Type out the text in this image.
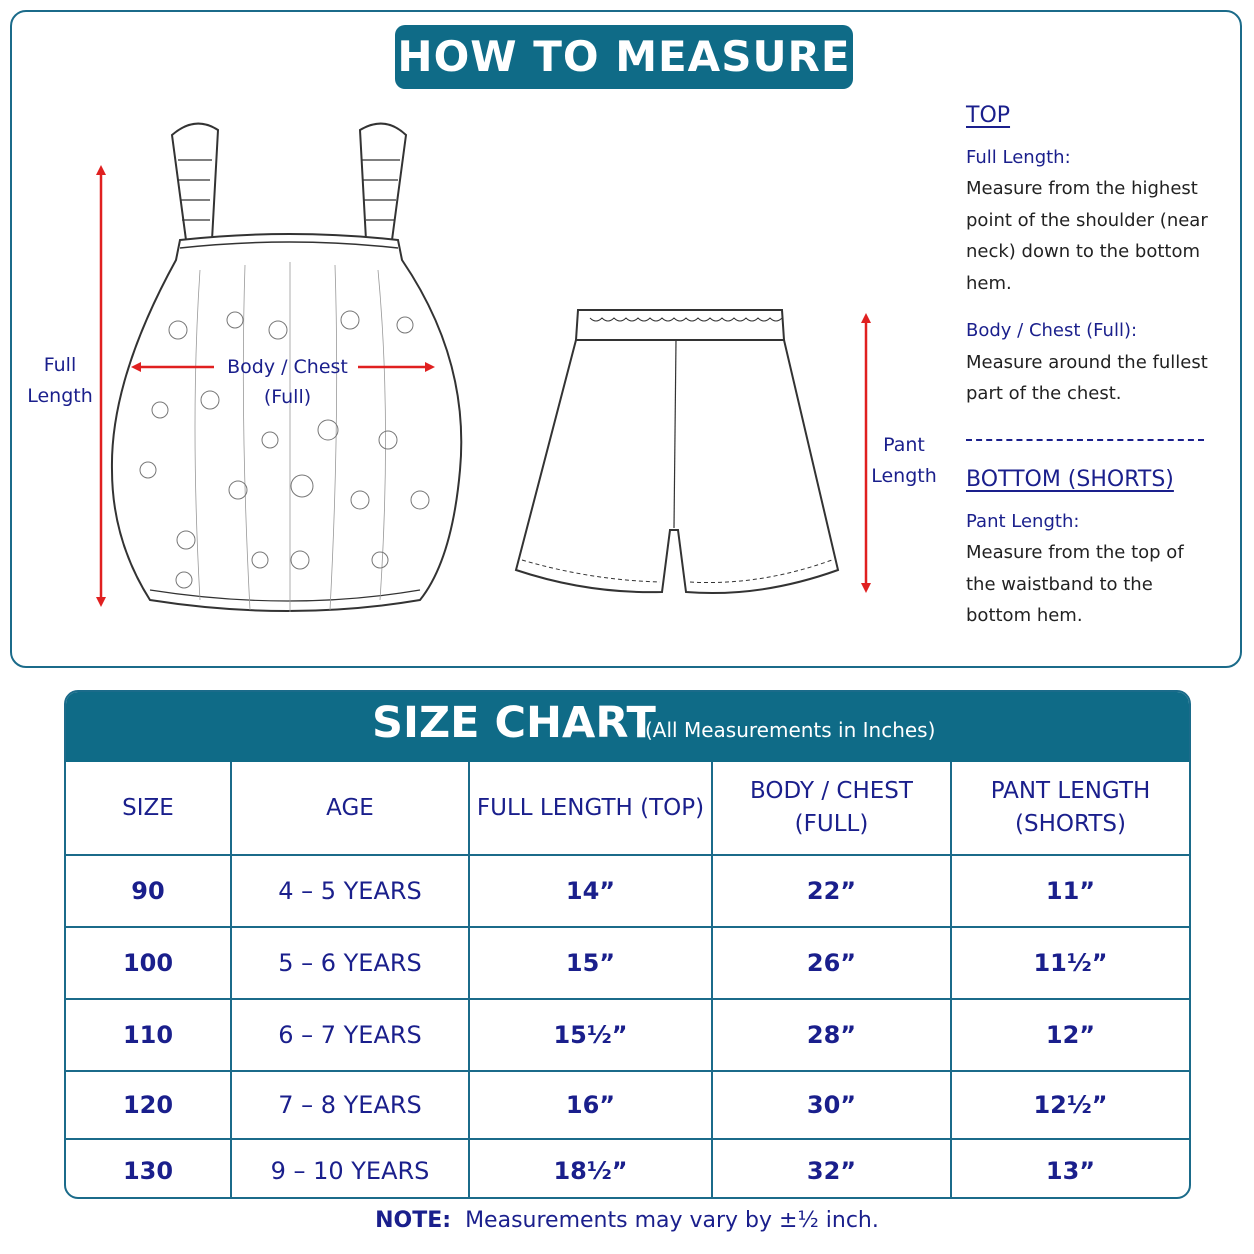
HOW TO MEASURE
Full
Length
Body / Chest
(Full)
Pant
Length
TOP
Full Length:
Measure from the highest point of the shoulder (near neck) down to the bottom hem.
Body / Chest (Full):
Measure around the fullest part of the chest.
BOTTOM (SHORTS)
Pant Length:
Measure from the top of the waistband to the bottom hem.
SIZE CHART
(All Measurements in Inches)
SIZE	AGE	FULL LENGTH (TOP)	BODY / CHEST (FULL)	PANT LENGTH (SHORTS)
90	4 – 5 YEARS	14”	22”	11”
100	5 – 6 YEARS	15”	26”	11½”
110	6 – 7 YEARS	15½”	28”	12”
120	7 – 8 YEARS	16”	30”	12½”
130	9 – 10 YEARS	18½”	32”	13”
NOTE: Measurements may vary by ±½ inch.
